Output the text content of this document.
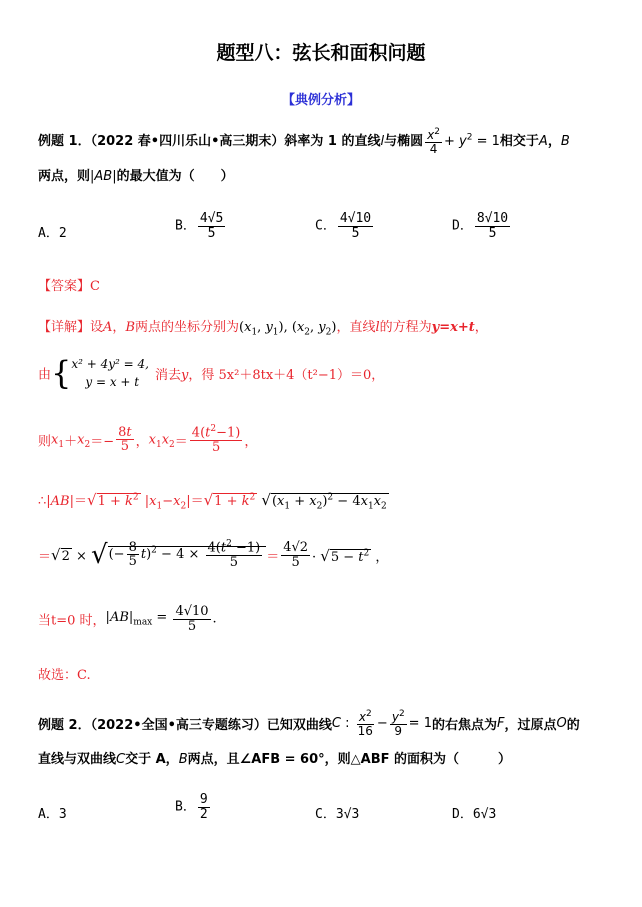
题型八：弦长和面积问题
【典例分析】
例题 1．（2022 春•四川乐山•高三期末）斜率为 1 的直线l与椭圆 $\frac{x^2}{4} + y^2 = 1$相交于A，B
两点，则|AB|的最大值为（　　）
A．2	B． $\frac{4√5}{5}$	C． $\frac{4√10}{5}$	D． $\frac{8√10}{5}$
【答案】C
【详解】设A，B两点的坐标分别为($x_1$, $y_1$), ($x_2$, $y_2$)，直线l的方程为y=x+t，
由{ x² + 4y² = 4,
y = x + t	消去y，得 5x²＋8tx＋4（t²−1）＝0，
则$x_1+x_2=- \frac{8t}{5}$ ，$x_1x_2= \frac{4(t^2-1)}{5}$ ，
∴|AB|＝√1 + $k^2$ $|x_1-x_2|=√1 + k^2$ $√(x_1 + x_2)^2 - 4x_1x_2$
＝√2 × √(− $\frac{8}{5} t)^2 - 4 \times \frac{4(t^2 -1)}{5} = \frac{4√2}{5} \cdot √5 - t^2$ ，
当t=0 时，$|AB|_{max} = \frac{4√10}{5}$ .
故选：C.
例题 2．（2022•全国•高三专题练习）已知双曲线C : $\frac{x^2}{16} - \frac{y^2}{9} = 1$的右焦点为F，过原点O的
直线与双曲线C交于 A，B两点，且∠AFB = 60°，则△ABF 的面积为（　　　）
A．3	B． $\frac{9}{2}$	C．3√3	D．6√3
